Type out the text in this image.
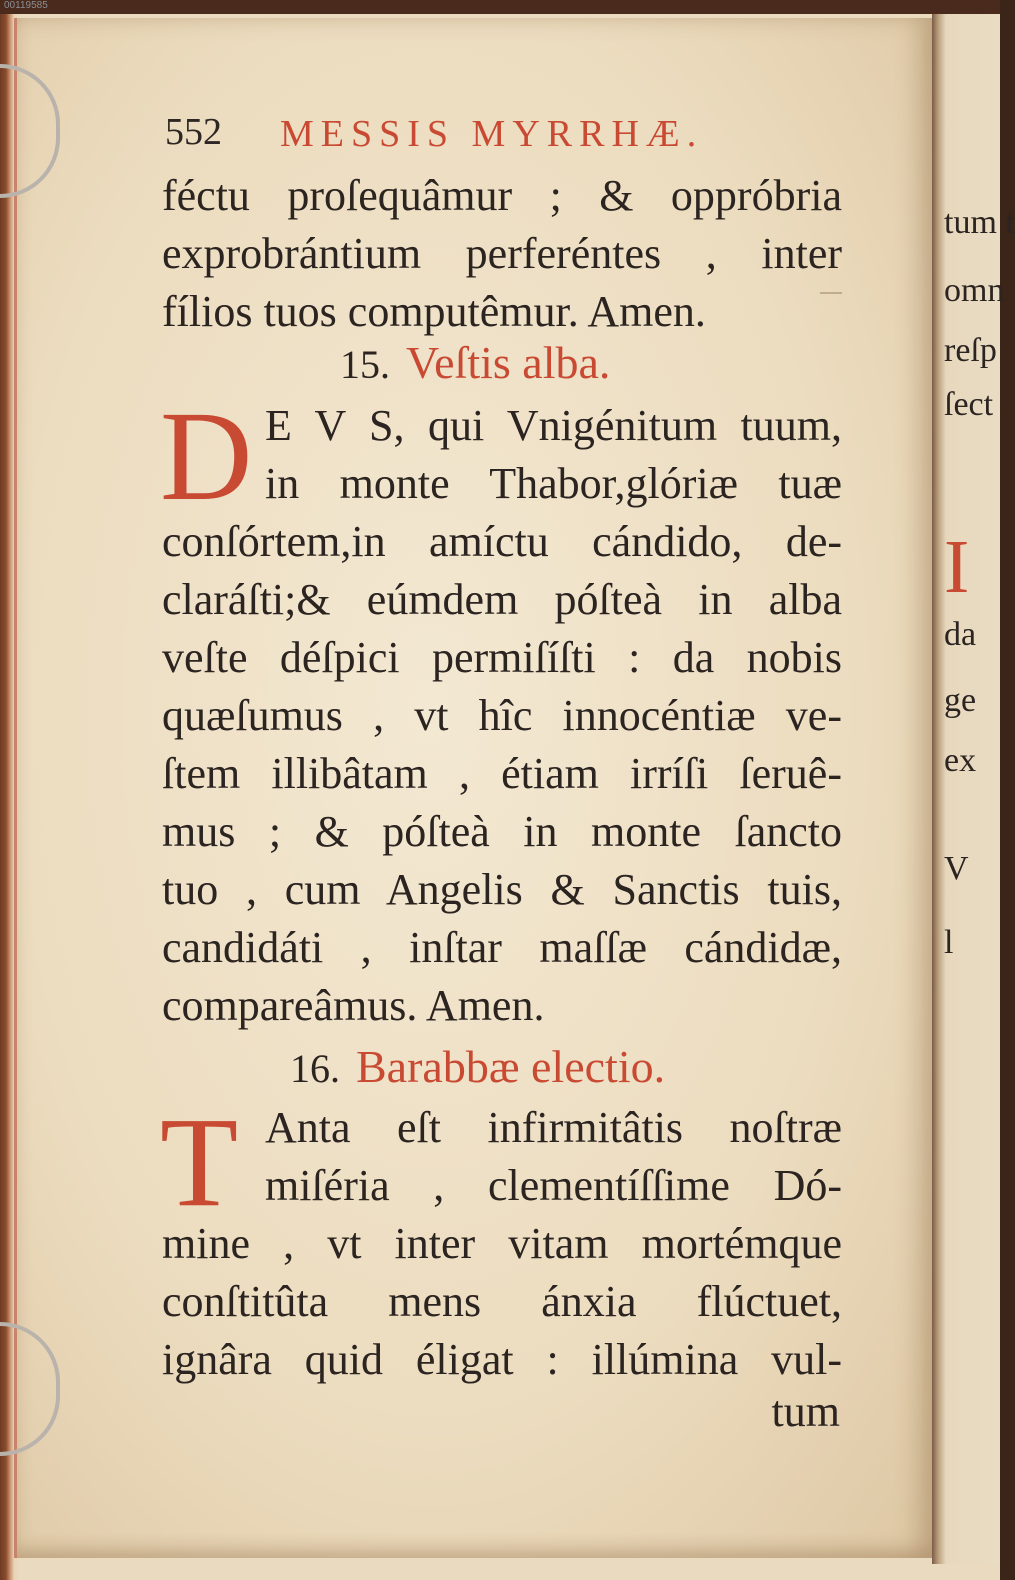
00119585
tum t
omn
reſp
ſect
I
da
ge
ex
V
l
552 MESSIS MYRRHÆ.
féctu proſequâmur ; & oppróbria
exprobrántium perferéntes , inter
fílios tuos computêmur. Amen.
15. Veſtis alba.
D E V S, qui Vnigénitum tuum,
in monte Thabor,glóriæ tuæ
conſórtem,in amíctu cándido, de-
claráſti;& eúmdem póſteà in alba
veſte déſpici permiſíſti : da nobis
quæſumus , vt hîc innocéntiæ ve-
ſtem illibâtam , étiam irríſi ſeruê-
mus ; & póſteà in monte ſancto
tuo , cum Angelis & Sanctis tuis,
candidáti , inſtar maſſæ cándidæ,
compareâmus. Amen.
16. Barabbæ electio.
T Anta eſt infirmitâtis noſtræ
miſéria , clementíſſime Dó-
mine , vt inter vitam mortémque
conſtitûta mens ánxia flúctuet,
ignâra quid éligat : illúmina vul-
tum
